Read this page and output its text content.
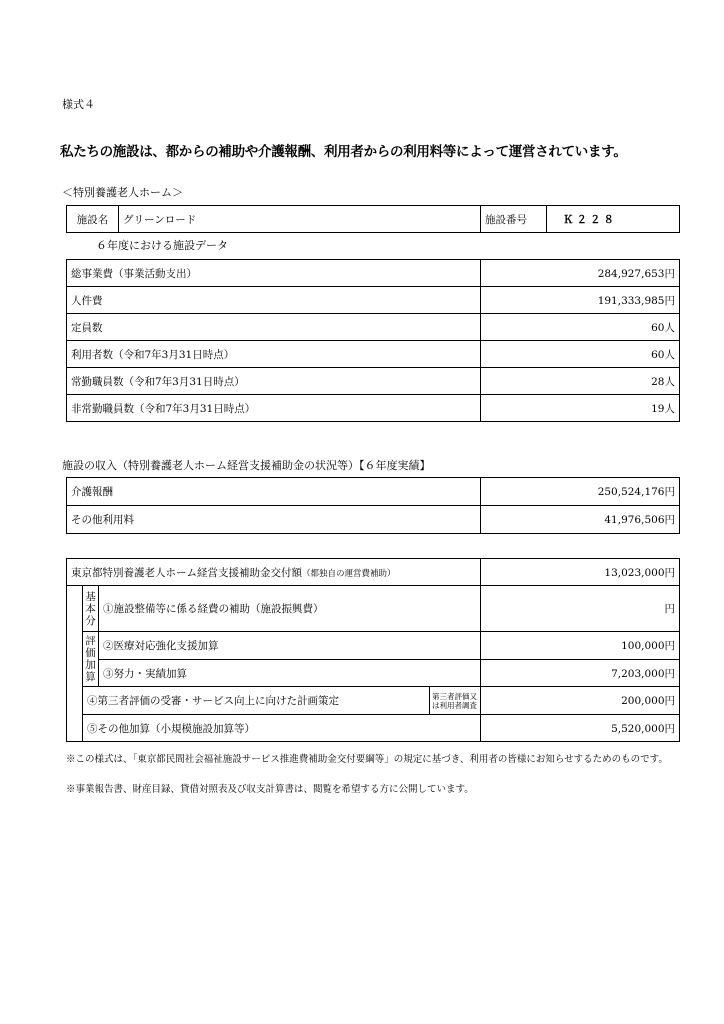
様式４
私たちの施設は、都からの補助や介護報酬、利用者からの利用料等によって運営されています。
＜特別養護老人ホーム＞
施設名	グリーンロード	施設番号	Ｋ２２８
６年度における施設データ
総事業費（事業活動支出）	284,927,653円
人件費	191,333,985円
定員数	60人
利用者数（令和7年3月31日時点）	60人
常勤職員数（令和7年3月31日時点）	28人
非常勤職員数（令和7年3月31日時点）	19人
施設の収入（特別養護老人ホーム経営支援補助金の状況等）【６年度実績】
介護報酬	250,524,176円
その他利用料	41,976,506円
東京都特別養護老人ホーム経営支援補助金交付額（都独自の運営費補助）				13,023,000円
	基本分	①施設整備等に係る経費の補助（施設振興費）		円
	評価加算	②医療対応強化支援加算		100,000円
		③努力・実績加算		7,203,000円
	④第三者評価の受審・サービス向上に向けた計画策定		第三者評価又は利用者調査	200,000円
	⑤その他加算（小規模施設加算等）			5,520,000円
※この様式は、「東京都民間社会福祉施設サービス推進費補助金交付要綱等」の規定に基づき、利用者の皆様にお知らせするためのものです。
※事業報告書、財産目録、貸借対照表及び収支計算書は、閲覧を希望する方に公開しています。
